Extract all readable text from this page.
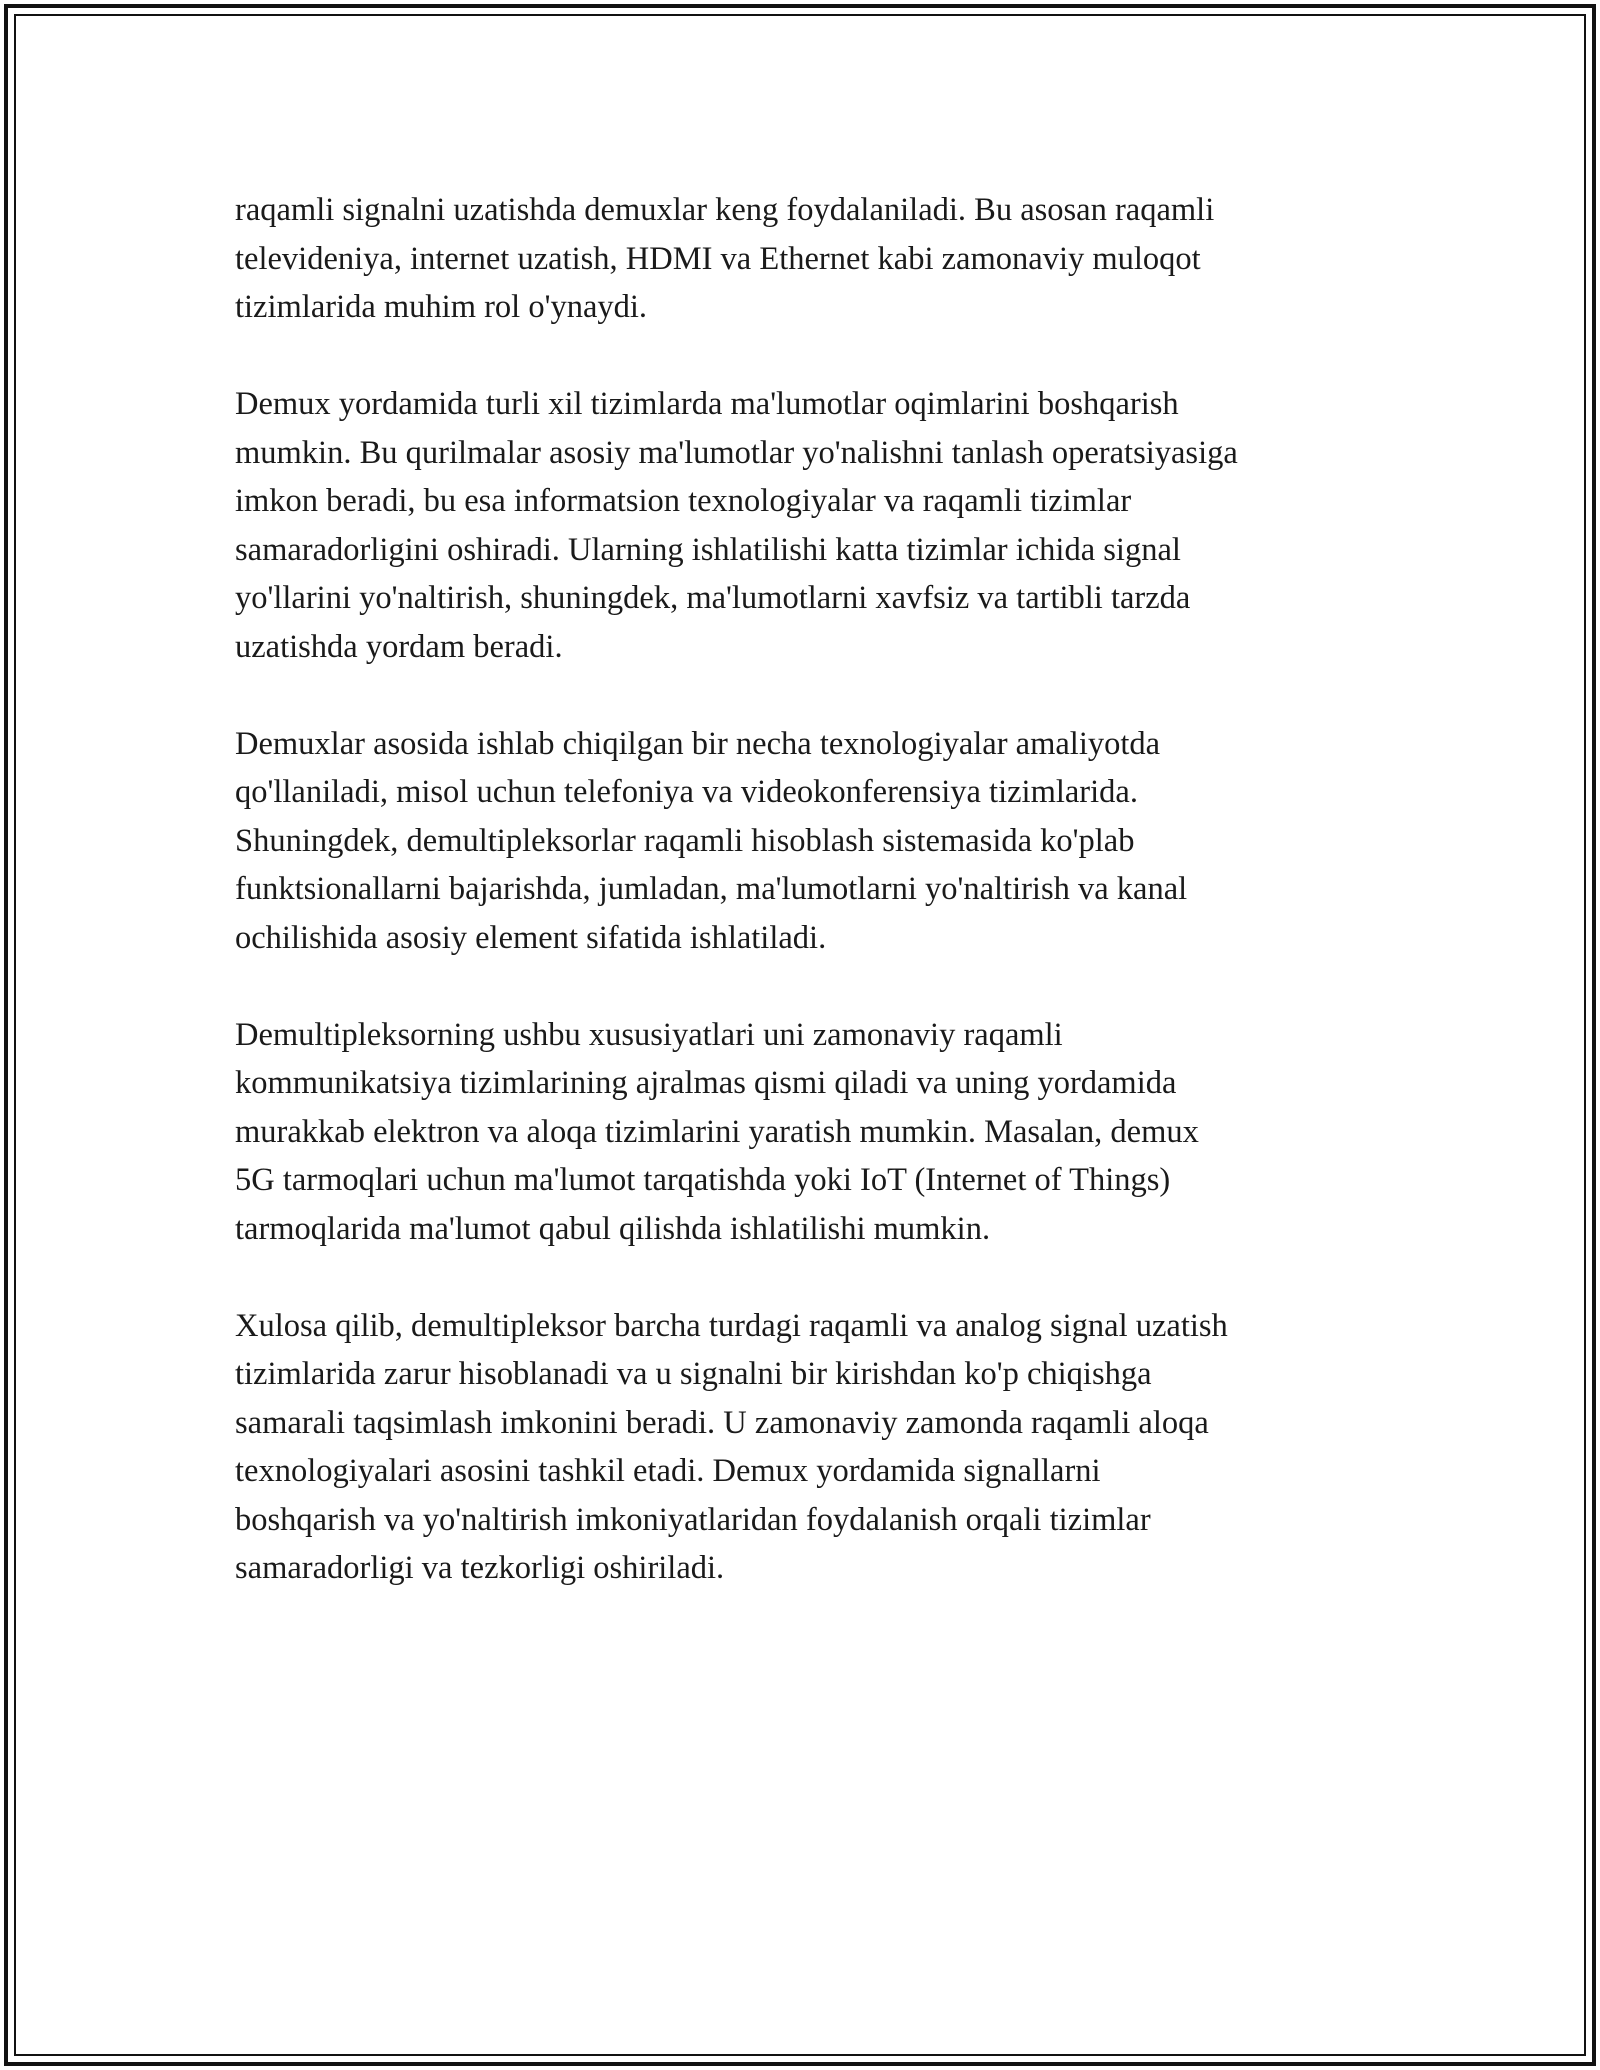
raqamli signalni uzatishda demuxlar keng foydalaniladi. Bu asosan raqamli
televideniya, internet uzatish, HDMI va Ethernet kabi zamonaviy muloqot
tizimlarida muhim rol o'ynaydi.

Demux yordamida turli xil tizimlarda ma'lumotlar oqimlarini boshqarish
mumkin. Bu qurilmalar asosiy ma'lumotlar yo'nalishni tanlash operatsiyasiga
imkon beradi, bu esa informatsion texnologiyalar va raqamli tizimlar
samaradorligini oshiradi. Ularning ishlatilishi katta tizimlar ichida signal
yo'llarini yo'naltirish, shuningdek, ma'lumotlarni xavfsiz va tartibli tarzda
uzatishda yordam beradi.

Demuxlar asosida ishlab chiqilgan bir necha texnologiyalar amaliyotda
qo'llaniladi, misol uchun telefoniya va videokonferensiya tizimlarida.
Shuningdek, demultipleksorlar raqamli hisoblash sistemasida ko'plab
funktsionallarni bajarishda, jumladan, ma'lumotlarni yo'naltirish va kanal
ochilishida asosiy element sifatida ishlatiladi.

Demultipleksorning ushbu xususiyatlari uni zamonaviy raqamli
kommunikatsiya tizimlarining ajralmas qismi qiladi va uning yordamida
murakkab elektron va aloqa tizimlarini yaratish mumkin. Masalan, demux
5G tarmoqlari uchun ma'lumot tarqatishda yoki IoT (Internet of Things)
tarmoqlarida ma'lumot qabul qilishda ishlatilishi mumkin.

Xulosa qilib, demultipleksor barcha turdagi raqamli va analog signal uzatish
tizimlarida zarur hisoblanadi va u signalni bir kirishdan ko'p chiqishga
samarali taqsimlash imkonini beradi. U zamonaviy zamonda raqamli aloqa
texnologiyalari asosini tashkil etadi. Demux yordamida signallarni
boshqarish va yo'naltirish imkoniyatlaridan foydalanish orqali tizimlar
samaradorligi va tezkorligi oshiriladi.
